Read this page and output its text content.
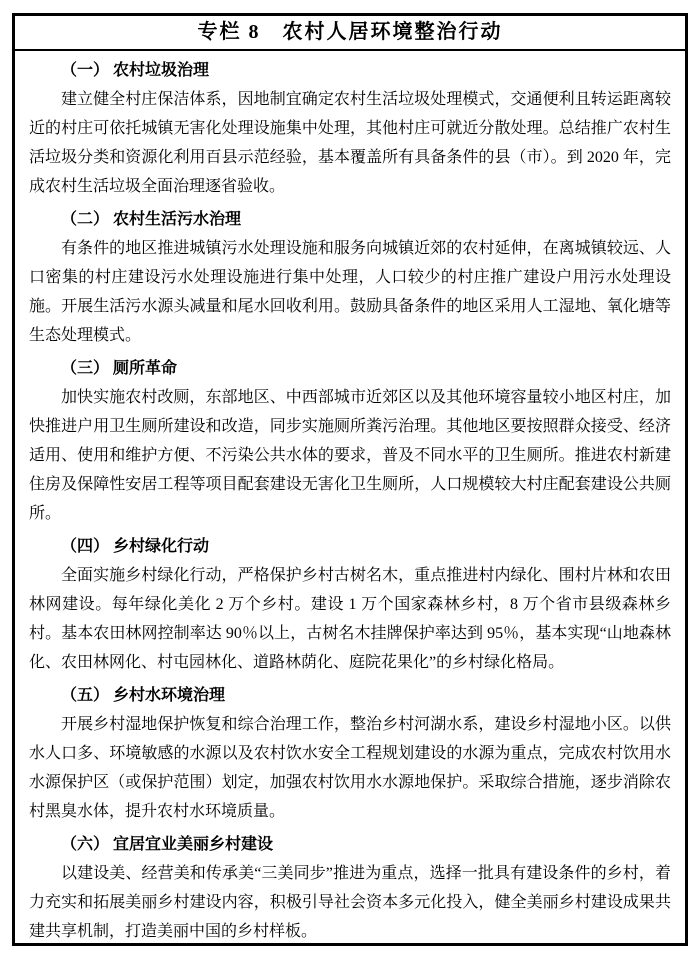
专栏 8　农村人居环境整治行动
（一） 农村垃圾治理

建立健全村庄保洁体系，因地制宜确定农村生活垃圾处理模式，交通便利且转运距离较近的村庄可依托城镇无害化处理设施集中处理，其他村庄可就近分散处理。总结推广农村生活垃圾分类和资源化利用百县示范经验，基本覆盖所有具备条件的县（市）。到 2020 年，完成农村生活垃圾全面治理逐省验收。

（二） 农村生活污水治理

有条件的地区推进城镇污水处理设施和服务向城镇近郊的农村延伸，在离城镇较远、人口密集的村庄建设污水处理设施进行集中处理，人口较少的村庄推广建设户用污水处理设施。开展生活污水源头减量和尾水回收利用。鼓励具备条件的地区采用人工湿地、氧化塘等生态处理模式。

（三） 厕所革命

加快实施农村改厕，东部地区、中西部城市近郊区以及其他环境容量较小地区村庄，加快推进户用卫生厕所建设和改造，同步实施厕所粪污治理。其他地区要按照群众接受、经济适用、使用和维护方便、不污染公共水体的要求，普及不同水平的卫生厕所。推进农村新建住房及保障性安居工程等项目配套建设无害化卫生厕所，人口规模较大村庄配套建设公共厕所。

（四） 乡村绿化行动

全面实施乡村绿化行动，严格保护乡村古树名木，重点推进村内绿化、围村片林和农田林网建设。每年绿化美化 2 万个乡村。建设 1 万个国家森林乡村，8 万个省市县级森林乡村。基本农田林网控制率达 90％以上，古树名木挂牌保护率达到 95％，基本实现“山地森林化、农田林网化、村屯园林化、道路林荫化、庭院花果化”的乡村绿化格局。

（五） 乡村水环境治理

开展乡村湿地保护恢复和综合治理工作，整治乡村河湖水系，建设乡村湿地小区。以供水人口多、环境敏感的水源以及农村饮水安全工程规划建设的水源为重点，完成农村饮用水水源保护区（或保护范围）划定，加强农村饮用水水源地保护。采取综合措施，逐步消除农村黑臭水体，提升农村水环境质量。

（六） 宜居宜业美丽乡村建设

以建设美、经营美和传承美“三美同步”推进为重点，选择一批具有建设条件的乡村，着力充实和拓展美丽乡村建设内容，积极引导社会资本多元化投入，健全美丽乡村建设成果共建共享机制，打造美丽中国的乡村样板。
